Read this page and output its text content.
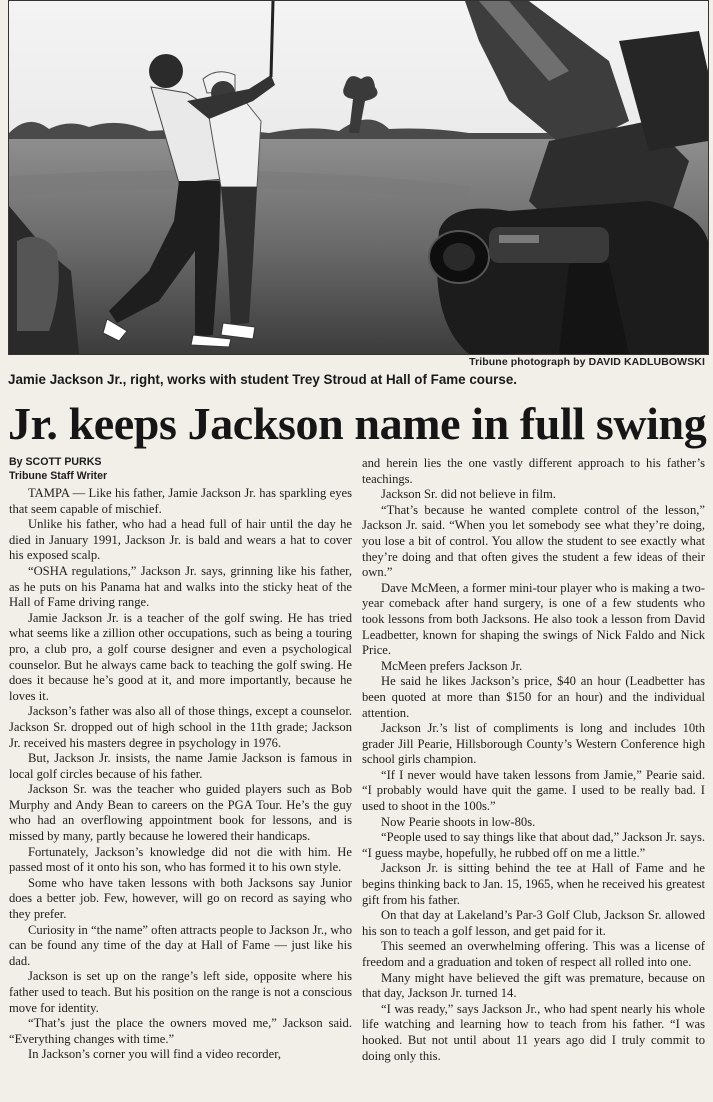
Tribune photograph by DAVID KADLUBOWSKI
Jamie Jackson Jr., right, works with student Trey Stroud at Hall of Fame course.
Jr. keeps Jackson name in full swing
By SCOTT PURKS
Tribune Staff Writer

TAMPA — Like his father, Jamie Jackson Jr. has sparkling eyes that seem capable of mischief.

Unlike his father, who had a head full of hair until the day he died in January 1991, Jackson Jr. is bald and wears a hat to cover his exposed scalp.

“OSHA regulations,” Jackson Jr. says, grinning like his father, as he puts on his Panama hat and walks into the sticky heat of the Hall of Fame driving range.

Jamie Jackson Jr. is a teacher of the golf swing. He has tried what seems like a zillion other occupations, such as being a touring pro, a club pro, a golf course designer and even a psychological counselor. But he always came back to teaching the golf swing. He does it because he’s good at it, and more importantly, because he loves it.

Jackson’s father was also all of those things, except a counselor. Jackson Sr. dropped out of high school in the 11th grade; Jackson Jr. received his masters degree in psychology in 1976.

But, Jackson Jr. insists, the name Jamie Jackson is famous in local golf circles because of his father.

Jackson Sr. was the teacher who guided players such as Bob Murphy and Andy Bean to careers on the PGA Tour. He’s the guy who had an overflowing appointment book for lessons, and is missed by many, partly because he lowered their handicaps.

Fortunately, Jackson’s knowledge did not die with him. He passed most of it onto his son, who has formed it to his own style.

Some who have taken lessons with both Jacksons say Junior does a better job. Few, however, will go on record as saying who they prefer.

Curiosity in “the name” often attracts people to Jackson Jr., who can be found any time of the day at Hall of Fame — just like his dad.

Jackson is set up on the range’s left side, opposite where his father used to teach. But his position on the range is not a conscious move for identity.

“That’s just the place the owners moved me,” Jackson said. “Everything changes with time.”

In Jackson’s corner you will find a video recorder,

and herein lies the one vastly different approach to his father’s teachings.

Jackson Sr. did not believe in film.

“That’s because he wanted complete control of the lesson,” Jackson Jr. said. “When you let somebody see what they’re doing, you lose a bit of control. You allow the student to see exactly what they’re doing and that often gives the student a few ideas of their own.”

Dave McMeen, a former mini-tour player who is making a two-year comeback after hand surgery, is one of a few students who took lessons from both Jacksons. He also took a lesson from David Leadbetter, known for shaping the swings of Nick Faldo and Nick Price.

McMeen prefers Jackson Jr.

He said he likes Jackson’s price, $40 an hour (Leadbetter has been quoted at more than $150 for an hour) and the individual attention.

Jackson Jr.’s list of compliments is long and includes 10th grader Jill Pearie, Hillsborough County’s Western Conference high school girls champion.

“If I never would have taken lessons from Jamie,” Pearie said. “I probably would have quit the game. I used to be really bad. I used to shoot in the 100s.”

Now Pearie shoots in low-80s.

“People used to say things like that about dad,” Jackson Jr. says. “I guess maybe, hopefully, he rubbed off on me a little.”

Jackson Jr. is sitting behind the tee at Hall of Fame and he begins thinking back to Jan. 15, 1965, when he received his greatest gift from his father.

On that day at Lakeland’s Par-3 Golf Club, Jackson Sr. allowed his son to teach a golf lesson, and get paid for it.

This seemed an overwhelming offering. This was a license of freedom and a graduation and token of respect all rolled into one.

Many might have believed the gift was premature, because on that day, Jackson Jr. turned 14.

“I was ready,” says Jackson Jr., who had spent nearly his whole life watching and learning how to teach from his father. “I was hooked. But not until about 11 years ago did I truly commit to doing only this.
